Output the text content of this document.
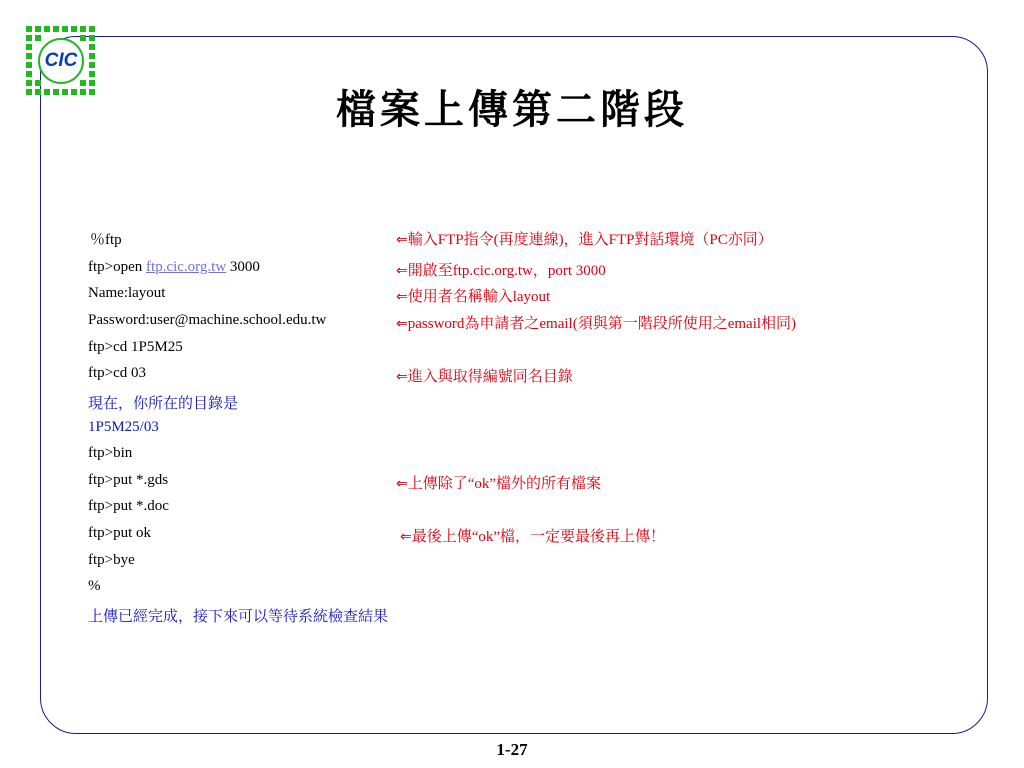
CIC
檔案上傳第二階段
％ftp	⇐輸入FTP指令(再度連線)，進入FTP對話環境（PC亦同）
ftp>open ftp.cic.org.tw 3000	⇐開啟至ftp.cic.org.tw，port 3000
Name:layout	⇐使用者名稱輸入layout
Password:user@machine.school.edu.tw	⇐password為申請者之email(須與第一階段所使用之email相同)
ftp>cd 1P5M25
ftp>cd 03	⇐進入與取得編號同名目錄
現在，你所在的目錄是
1P5M25/03
ftp>bin
ftp>put *.gds	⇐上傳除了“ok”檔外的所有檔案
ftp>put *.doc
ftp>put ok	⇐最後上傳“ok”檔，一定要最後再上傳！
ftp>bye
%
上傳已經完成，接下來可以等待系統檢查結果
1-27
